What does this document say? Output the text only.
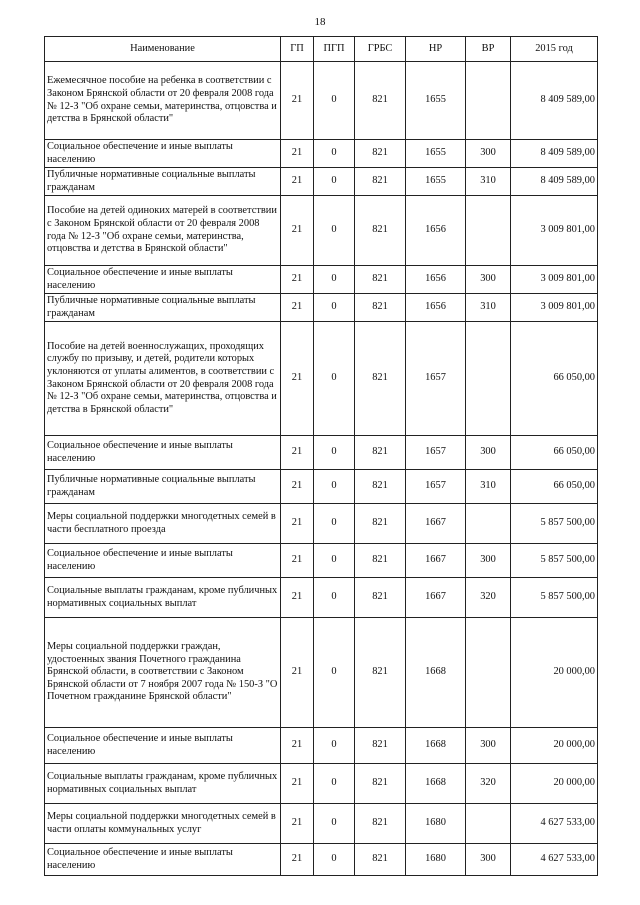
18
Наименование	ГП	ПГП	ГРБС	НР	ВР	2015 год
Ежемесячное пособие на ребенка в соответствии с Законом Брянской области от 20 февраля 2008 года № 12-З "Об охране семьи, материнства, отцовства и детства в Брянской области"	21	0	821	1655		8 409 589,00
Социальное обеспечение и иные выплаты населению	21	0	821	1655	300	8 409 589,00
Публичные нормативные социальные выплаты гражданам	21	0	821	1655	310	8 409 589,00
Пособие на детей одиноких матерей в соответствии с Законом Брянской области от 20 февраля 2008 года № 12-З "Об охране семьи, материнства, отцовства и детства в Брянской области"	21	0	821	1656		3 009 801,00
Социальное обеспечение и иные выплаты населению	21	0	821	1656	300	3 009 801,00
Публичные нормативные социальные выплаты гражданам	21	0	821	1656	310	3 009 801,00
Пособие на детей военнослужащих, проходящих службу по призыву, и детей, родители которых уклоняются от уплаты алиментов, в соответствии с Законом Брянской области от 20 февраля 2008 года № 12-З "Об охране семьи, материнства, отцовства и детства в Брянской области"	21	0	821	1657		66 050,00
Социальное обеспечение и иные выплаты населению	21	0	821	1657	300	66 050,00
Публичные нормативные социальные выплаты гражданам	21	0	821	1657	310	66 050,00
Меры социальной поддержки многодетных семей в части бесплатного проезда	21	0	821	1667		5 857 500,00
Социальное обеспечение и иные выплаты населению	21	0	821	1667	300	5 857 500,00
Социальные выплаты гражданам, кроме публичных нормативных социальных выплат	21	0	821	1667	320	5 857 500,00
Меры социальной поддержки граждан, удостоенных звания Почетного гражданина Брянской области, в соответствии с Законом Брянской области от 7 ноября 2007 года № 150-З "О Почетном гражданине Брянской области"	21	0	821	1668		20 000,00
Социальное обеспечение и иные выплаты населению	21	0	821	1668	300	20 000,00
Социальные выплаты гражданам, кроме публичных нормативных социальных выплат	21	0	821	1668	320	20 000,00
Меры социальной поддержки многодетных семей в части оплаты коммунальных услуг	21	0	821	1680		4 627 533,00
Социальное обеспечение и иные выплаты населению	21	0	821	1680	300	4 627 533,00
